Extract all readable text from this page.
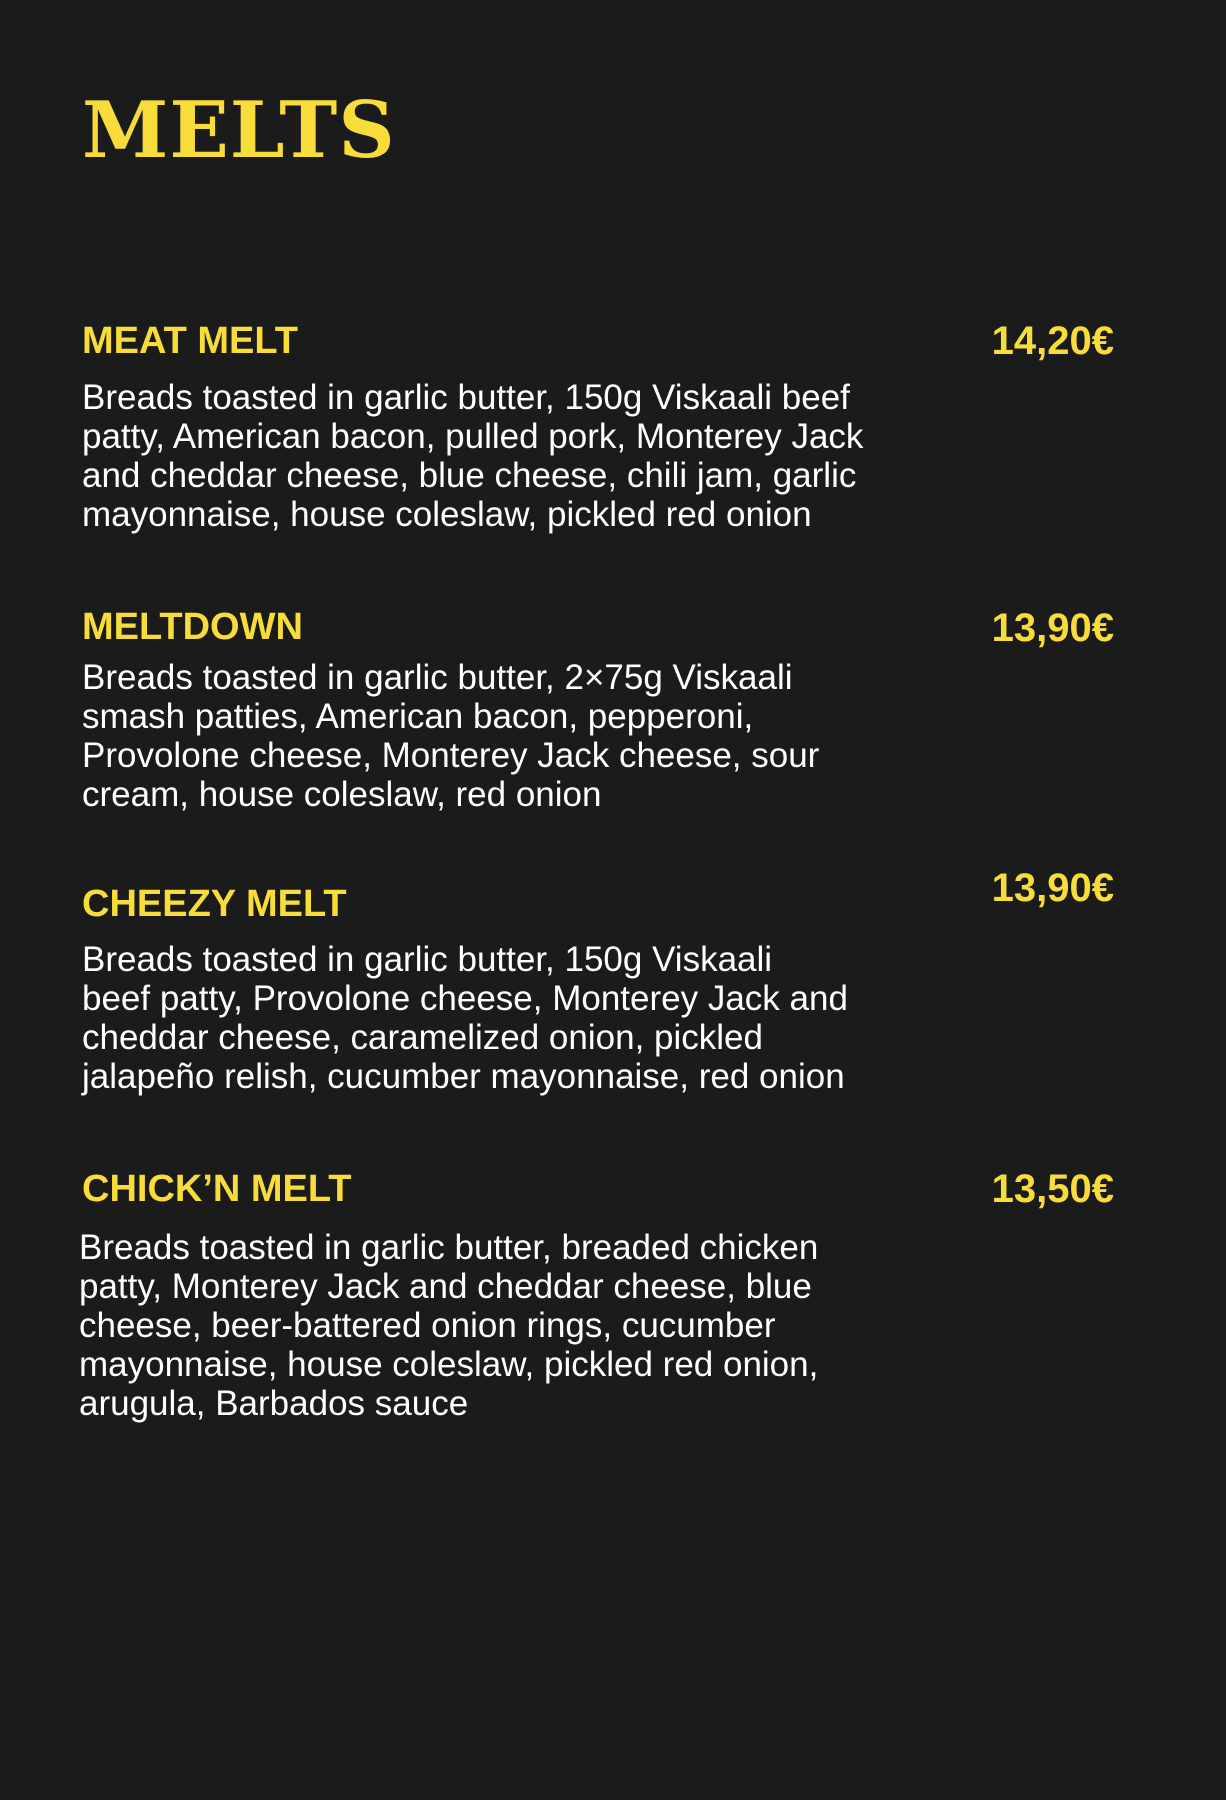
MELTS
MEAT MELT	14,20€

Breads toasted in garlic butter, 150g Viskaali beef
patty, American bacon, pulled pork, Monterey Jack
and cheddar cheese, blue cheese, chili jam, garlic
mayonnaise, house coleslaw, pickled red onion

MELTDOWN	13,90€

Breads toasted in garlic butter, 2×75g Viskaali
smash patties, American bacon, pepperoni,
Provolone cheese, Monterey Jack cheese, sour
cream, house coleslaw, red onion

CHEEZY MELT	13,90€

Breads toasted in garlic butter, 150g Viskaali
beef patty, Provolone cheese, Monterey Jack and
cheddar cheese, caramelized onion, pickled
jalapeño relish, cucumber mayonnaise, red onion

CHICK’N MELT	13,50€

Breads toasted in garlic butter, breaded chicken
patty, Monterey Jack and cheddar cheese, blue
cheese, beer-battered onion rings, cucumber
mayonnaise, house coleslaw, pickled red onion,
arugula, Barbados sauce
